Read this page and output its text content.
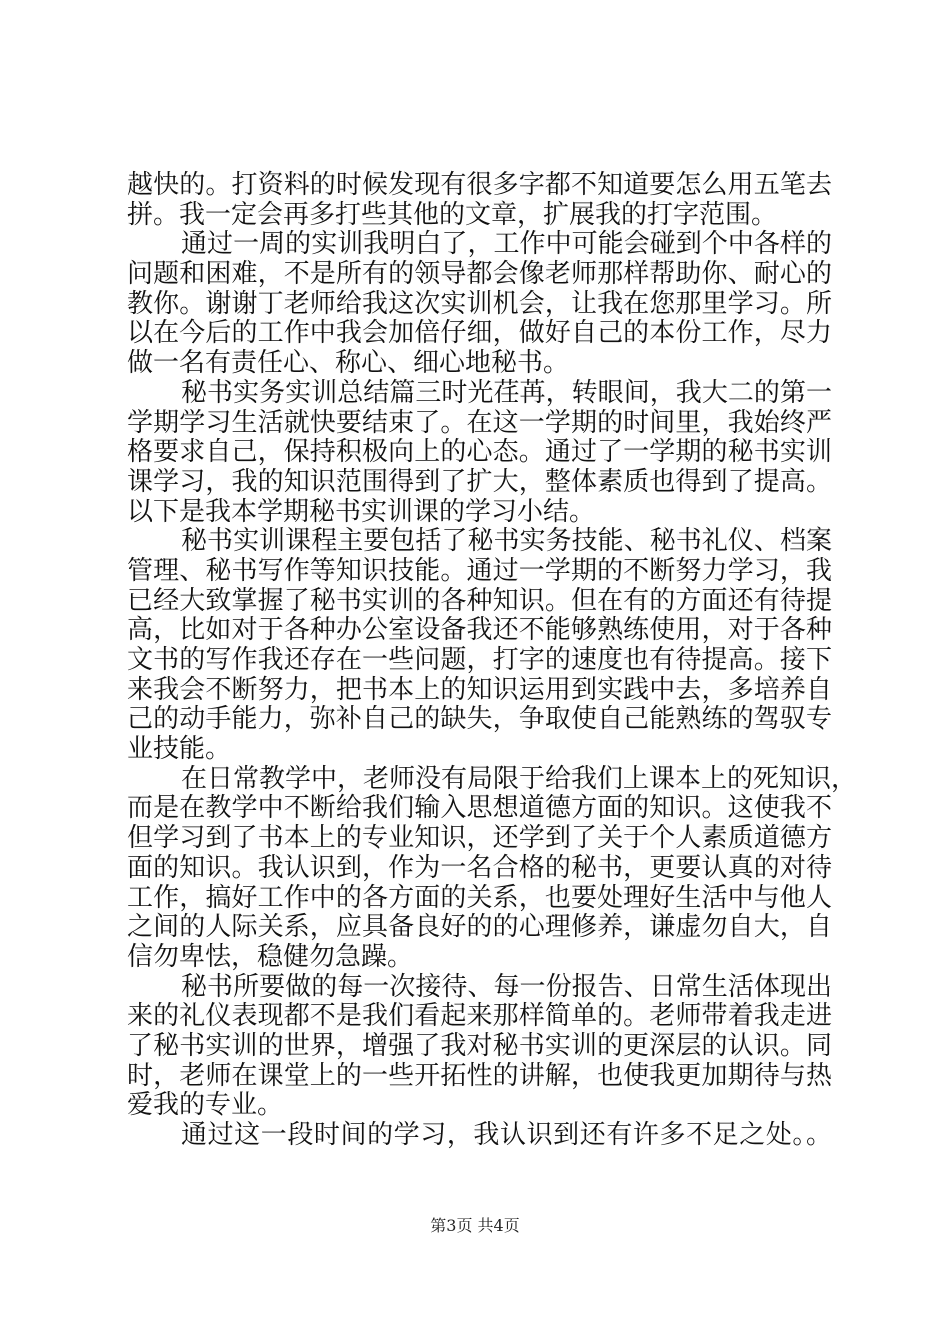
越快的。打资料的时候发现有很多字都不知道要怎么用五笔去
拼。我一定会再多打些其他的文章，扩展我的打字范围。
通过一周的实训我明白了，工作中可能会碰到个中各样的
问题和困难，不是所有的领导都会像老师那样帮助你、耐心的
教你。谢谢丁老师给我这次实训机会，让我在您那里学习。所
以在今后的工作中我会加倍仔细，做好自己的本份工作，尽力
做一名有责任心、称心、细心地秘书。
秘书实务实训总结篇三时光荏苒，转眼间，我大二的第一
学期学习生活就快要结束了。在这一学期的时间里，我始终严
格要求自己，保持积极向上的心态。通过了一学期的秘书实训
课学习，我的知识范围得到了扩大，整体素质也得到了提高。
以下是我本学期秘书实训课的学习小结。
秘书实训课程主要包括了秘书实务技能、秘书礼仪、档案
管理、秘书写作等知识技能。通过一学期的不断努力学习，我
已经大致掌握了秘书实训的各种知识。但在有的方面还有待提
高，比如对于各种办公室设备我还不能够熟练使用，对于各种
文书的写作我还存在一些问题，打字的速度也有待提高。接下
来我会不断努力，把书本上的知识运用到实践中去，多培养自
己的动手能力，弥补自己的缺失，争取使自己能熟练的驾驭专
业技能。
在日常教学中，老师没有局限于给我们上课本上的死知识，
而是在教学中不断给我们输入思想道德方面的知识。这使我不
但学习到了书本上的专业知识，还学到了关于个人素质道德方
面的知识。我认识到，作为一名合格的秘书，更要认真的对待
工作，搞好工作中的各方面的关系，也要处理好生活中与他人
之间的人际关系，应具备良好的的心理修养，谦虚勿自大，自
信勿卑怯，稳健勿急躁。
秘书所要做的每一次接待、每一份报告、日常生活体现出
来的礼仪表现都不是我们看起来那样简单的。老师带着我走进
了秘书实训的世界，增强了我对秘书实训的更深层的认识。同
时，老师在课堂上的一些开拓性的讲解，也使我更加期待与热
爱我的专业。
通过这一段时间的学习，我认识到还有许多不足之处。。
第3页 共4页
